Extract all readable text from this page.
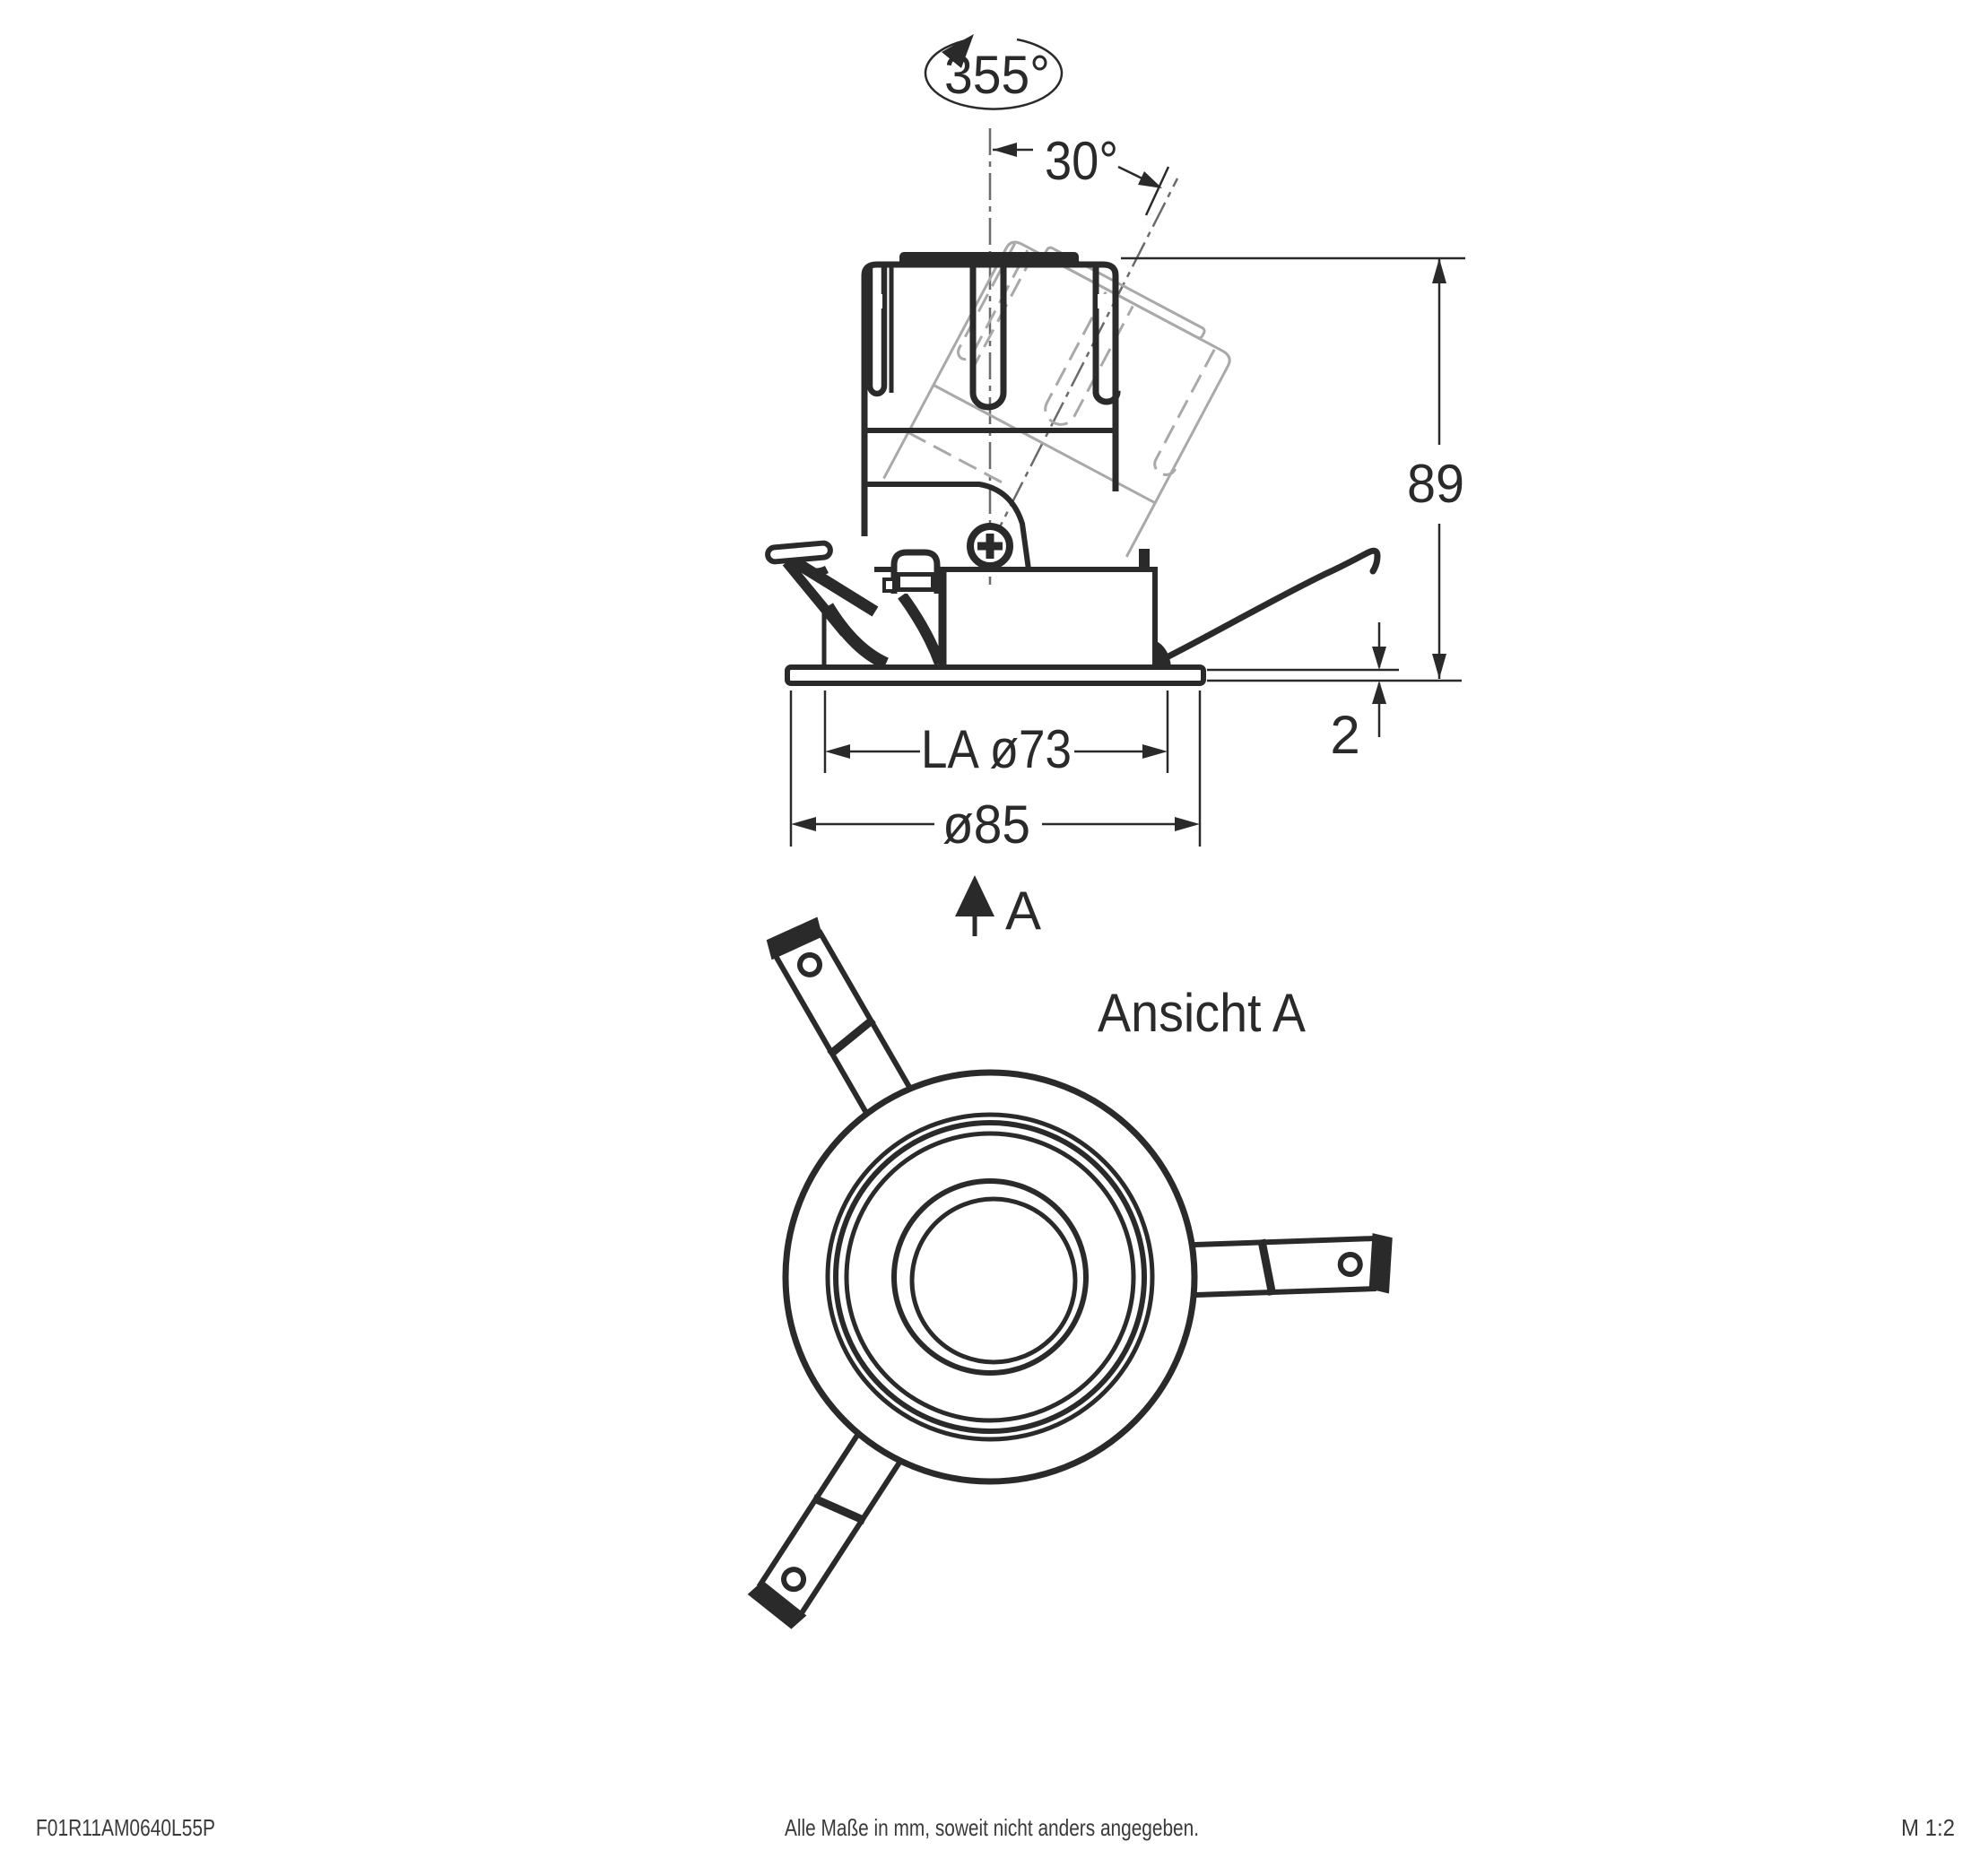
355°
30°
89
2
LA ø73
ø85
A
Ansicht A
F01R11AM0640L55P	Alle Maße in mm, soweit nicht anders angegeben.	M 1:2
